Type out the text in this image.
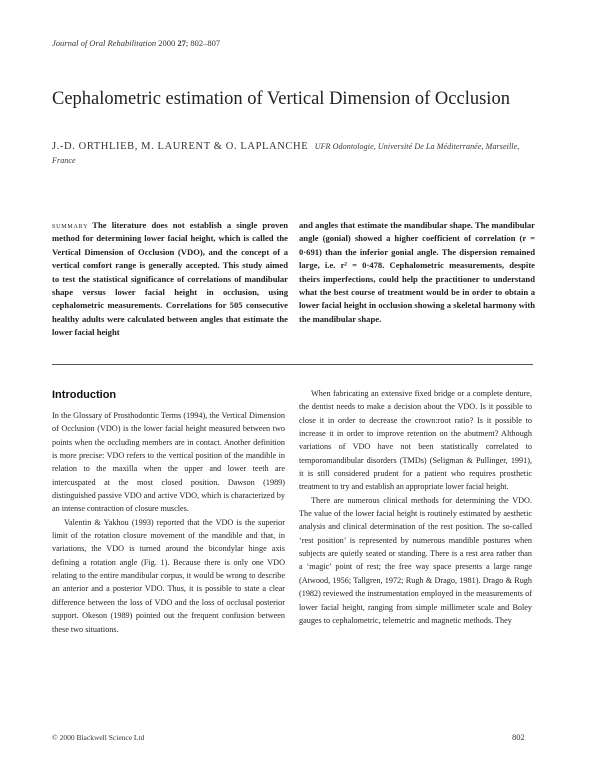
Journal of Oral Rehabilitation 2000 27; 802–807
Cephalometric estimation of Vertical Dimension of Occlusion
J.-D. ORTHLIEB, M. LAURENT & O. LAPLANCHE UFR Odontologie, Université De La Méditerranée, Marseille, France
summary The literature does not establish a single proven method for determining lower facial height, which is called the Vertical Dimension of Occlusion (VDO), and the concept of a vertical comfort range is generally accepted. This study aimed to test the statistical significance of correlations of mandibular shape versus lower facial height in occlusion, using cephalometric measurements. Correlations for 505 consecutive healthy adults were calculated between angles that estimate the lower facial height
and angles that estimate the mandibular shape. The mandibular angle (gonial) showed a higher coefficient of correlation (r = 0·691) than the inferior gonial angle. The dispersion remained large, i.e. r² = 0·478. Cephalometric measurements, despite theirs imperfections, could help the practitioner to understand what the best course of treatment would be in order to obtain a lower facial height in occlusion showing a skeletal harmony with the mandibular shape.
Introduction

In the Glossary of Prosthodontic Terms (1994), the Vertical Dimension of Occlusion (VDO) is the lower facial height measured between two points when the occluding members are in contact. Another definition is more precise: VDO refers to the vertical position of the mandible in relation to the maxilla when the upper and lower teeth are intercuspated at the most closed position. Dawson (1989) distinguished passive VDO and active VDO, which is characterized by an intense contraction of closure muscles.

Valentin & Yakhou (1993) reported that the VDO is the superior limit of the rotation closure movement of the mandible and that, in variations, the VDO is turned around the bicondylar hinge axis defining a rotation angle (Fig. 1). Because there is only one VDO relating to the entire mandibular corpus, it would be wrong to describe an anterior and a posterior VDO. Thus, it is possible to state a clear difference between the loss of VDO and the loss of occlusal posterior support. Okeson (1989) pointed out the frequent confusion between these two situations.

When fabricating an extensive fixed bridge or a complete denture, the dentist needs to make a decision about the VDO. Is it possible to close it in order to decrease the crown:root ratio? Is it possible to increase it in order to improve retention on the abutment? Although variations of VDO have not been statistically correlated to temporomandibular disorders (TMDs) (Seligman & Pullinger, 1991), it is still considered prudent for a patient who requires prosthetic treatment to try and establish an appropriate lower facial height.

There are numerous clinical methods for determining the VDO. The value of the lower facial height is routinely estimated by aesthetic analysis and clinical determination of the rest position. The so-called ‘rest position’ is represented by numerous mandible postures when subjects are quietly seated or standing. There is a rest area rather than a ‘magic’ point of rest; the free way space presents a large range (Atwood, 1956; Tallgren, 1972; Rugh & Drago, 1981). Drago & Rugh (1982) reviewed the instrumentation employed in the measurements of lower facial height, ranging from simple millimeter scale and Boley gauges to cephalometric, telemetric and magnetic methods. They

© 2000 Blackwell Science Ltd	802
